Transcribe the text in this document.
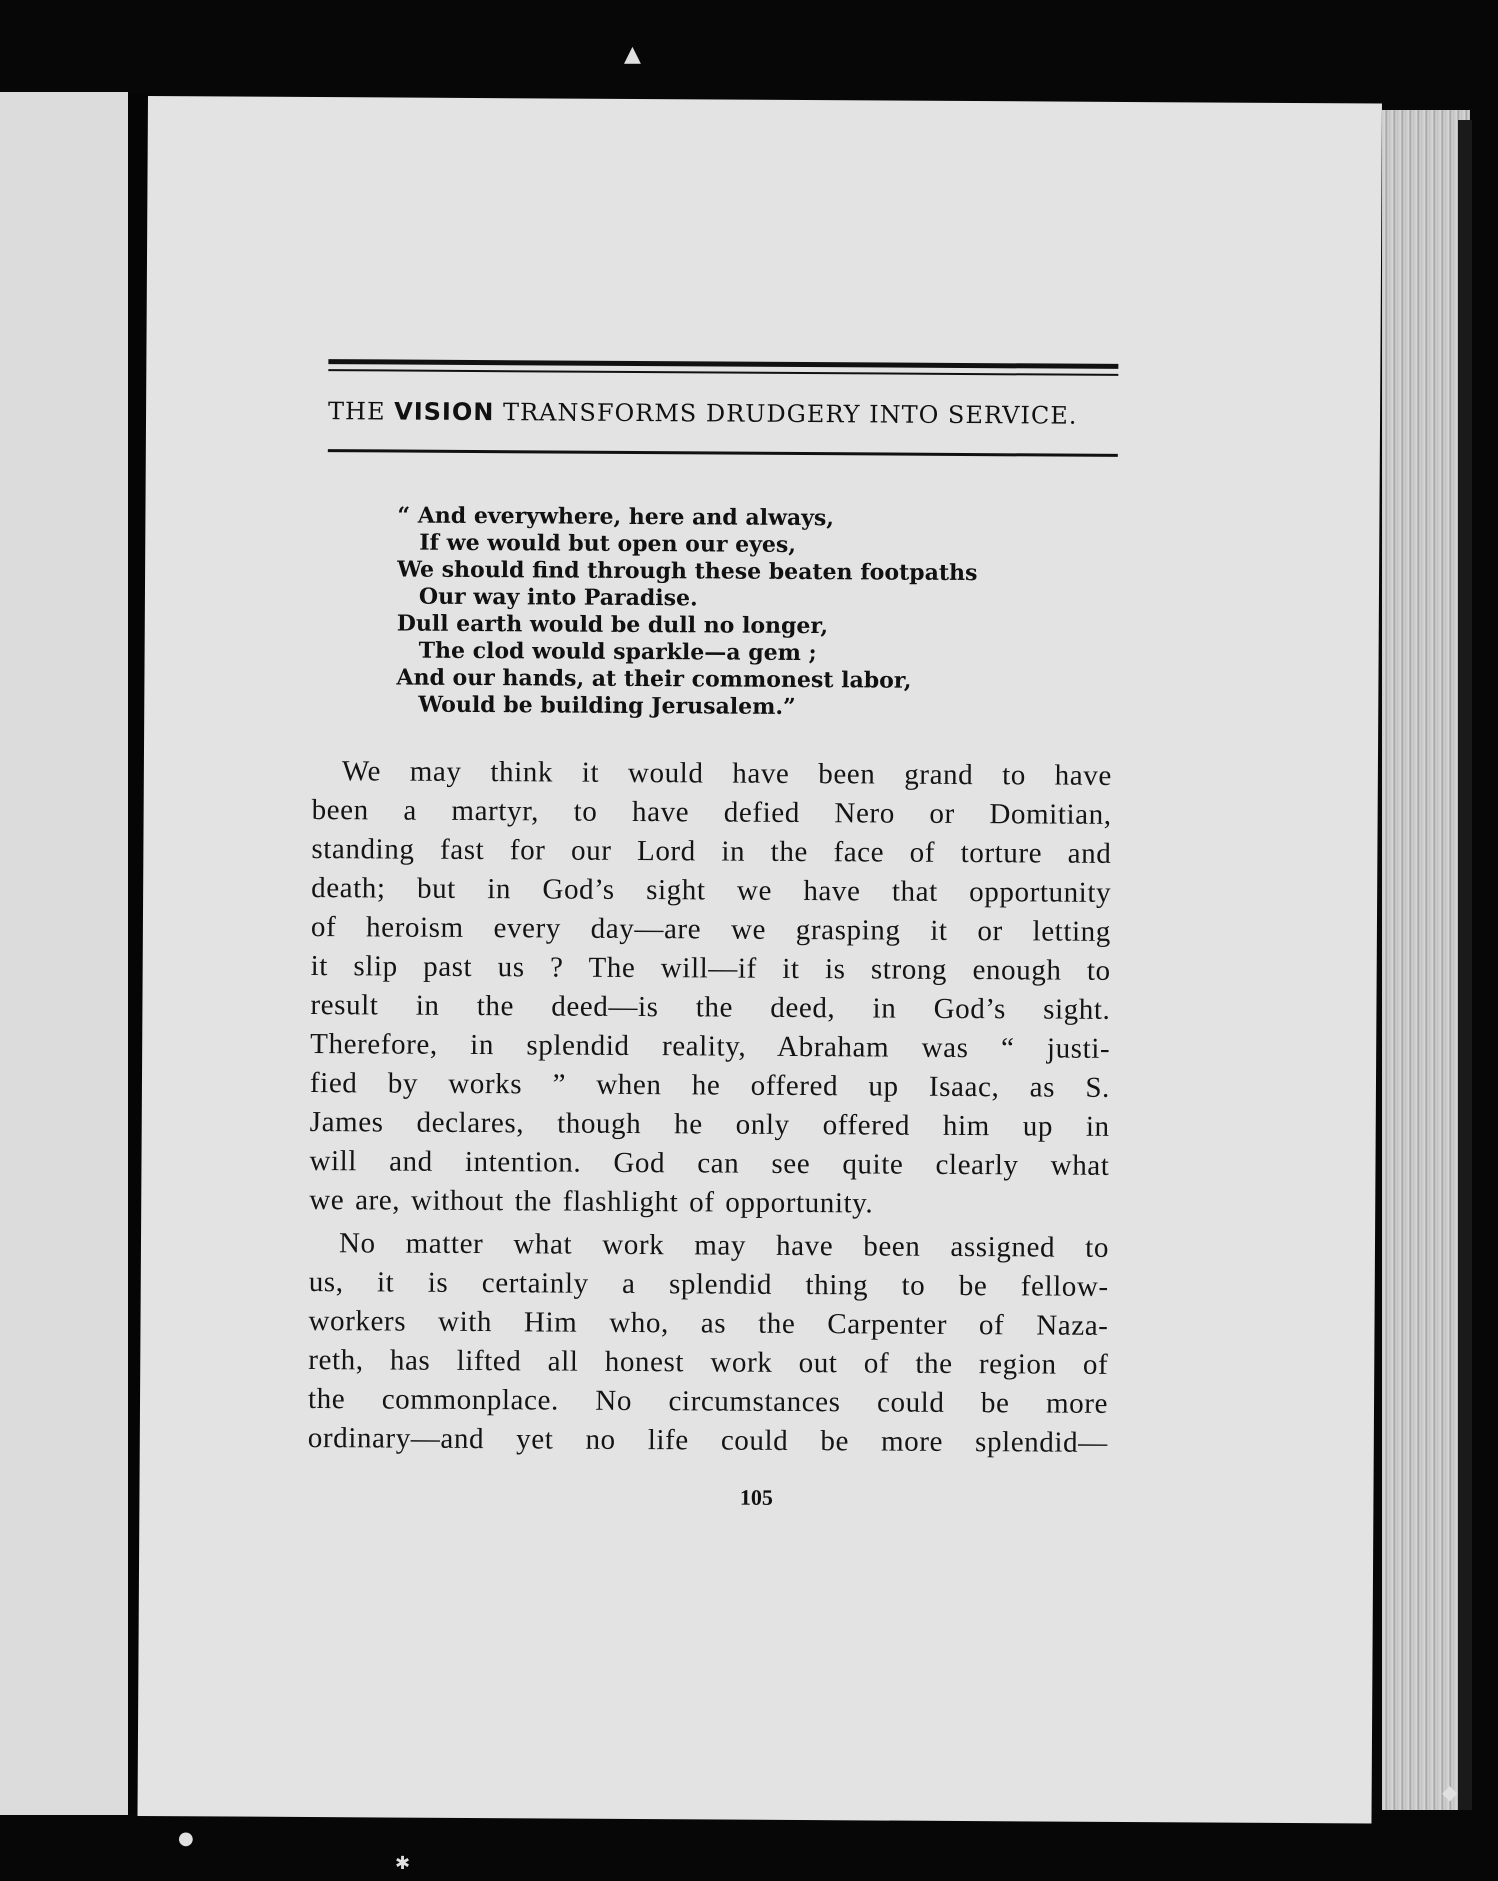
▲
●
✱
◆
THE VISION TRANSFORMS DRUDGERY INTO SERVICE.
“ And everywhere, here and always,
If we would but open our eyes,
We should find through these beaten footpaths
Our way into Paradise.
Dull earth would be dull no longer,
The clod would sparkle—a gem ;
And our hands, at their commonest labor,
Would be building Jerusalem.”
We may think it would have been grand to have
been a martyr, to have defied Nero or Domitian,
standing fast for our Lord in the face of torture and
death; but in God’s sight we have that opportunity
of heroism every day—are we grasping it or letting
it slip past us ? The will—if it is strong enough to
result in the deed—is the deed, in God’s sight.
Therefore, in splendid reality, Abraham was “ justi-
fied by works ” when he offered up Isaac, as S.
James declares, though he only offered him up in
will and intention. God can see quite clearly what
we are, without the flashlight of opportunity.
No matter what work may have been assigned to
us, it is certainly a splendid thing to be fellow-
workers with Him who, as the Carpenter of Naza-
reth, has lifted all honest work out of the region of
the commonplace. No circumstances could be more
ordinary—and yet no life could be more splendid—
105
